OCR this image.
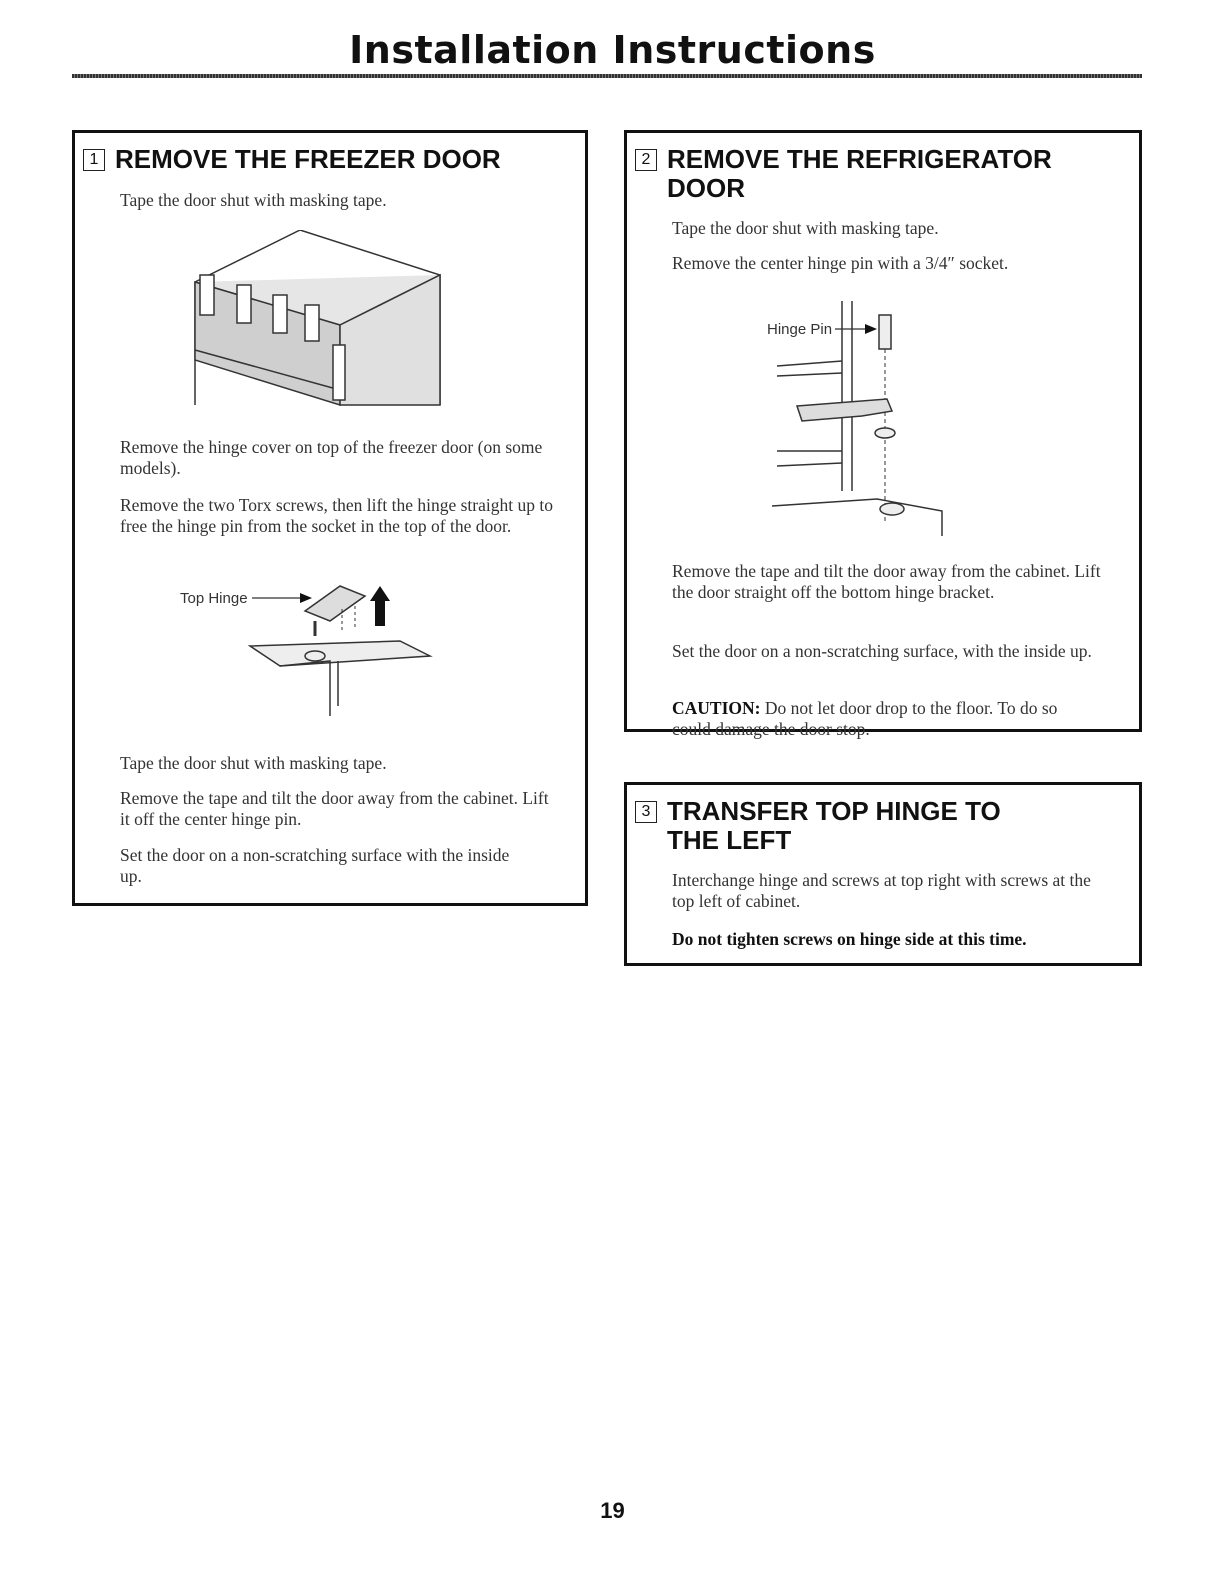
Installation Instructions
1 REMOVE THE FREEZER DOOR

Tape the door shut with masking tape.

Remove the hinge cover on top of the freezer door (on some models).

Remove the two Torx screws, then lift the hinge straight up to free the hinge pin from the socket in the top of the door.

Top Hinge

Tape the door shut with masking tape.

Remove the tape and tilt the door away from the cabinet. Lift it off the center hinge pin.

Set the door on a non-scratching surface with the inside up.

2 REMOVE THE REFRIGERATOR DOOR

Tape the door shut with masking tape.

Remove the center hinge pin with a 3/4″ socket.

Hinge Pin

Remove the tape and tilt the door away from the cabinet. Lift the door straight off the bottom hinge bracket.

Set the door on a non-scratching surface, with the inside up.

CAUTION: Do not let door drop to the floor. To do so could damage the door stop.

3 TRANSFER TOP HINGE TO THE LEFT

Interchange hinge and screws at top right with screws at the top left of cabinet.

Do not tighten screws on hinge side at this time.

19
